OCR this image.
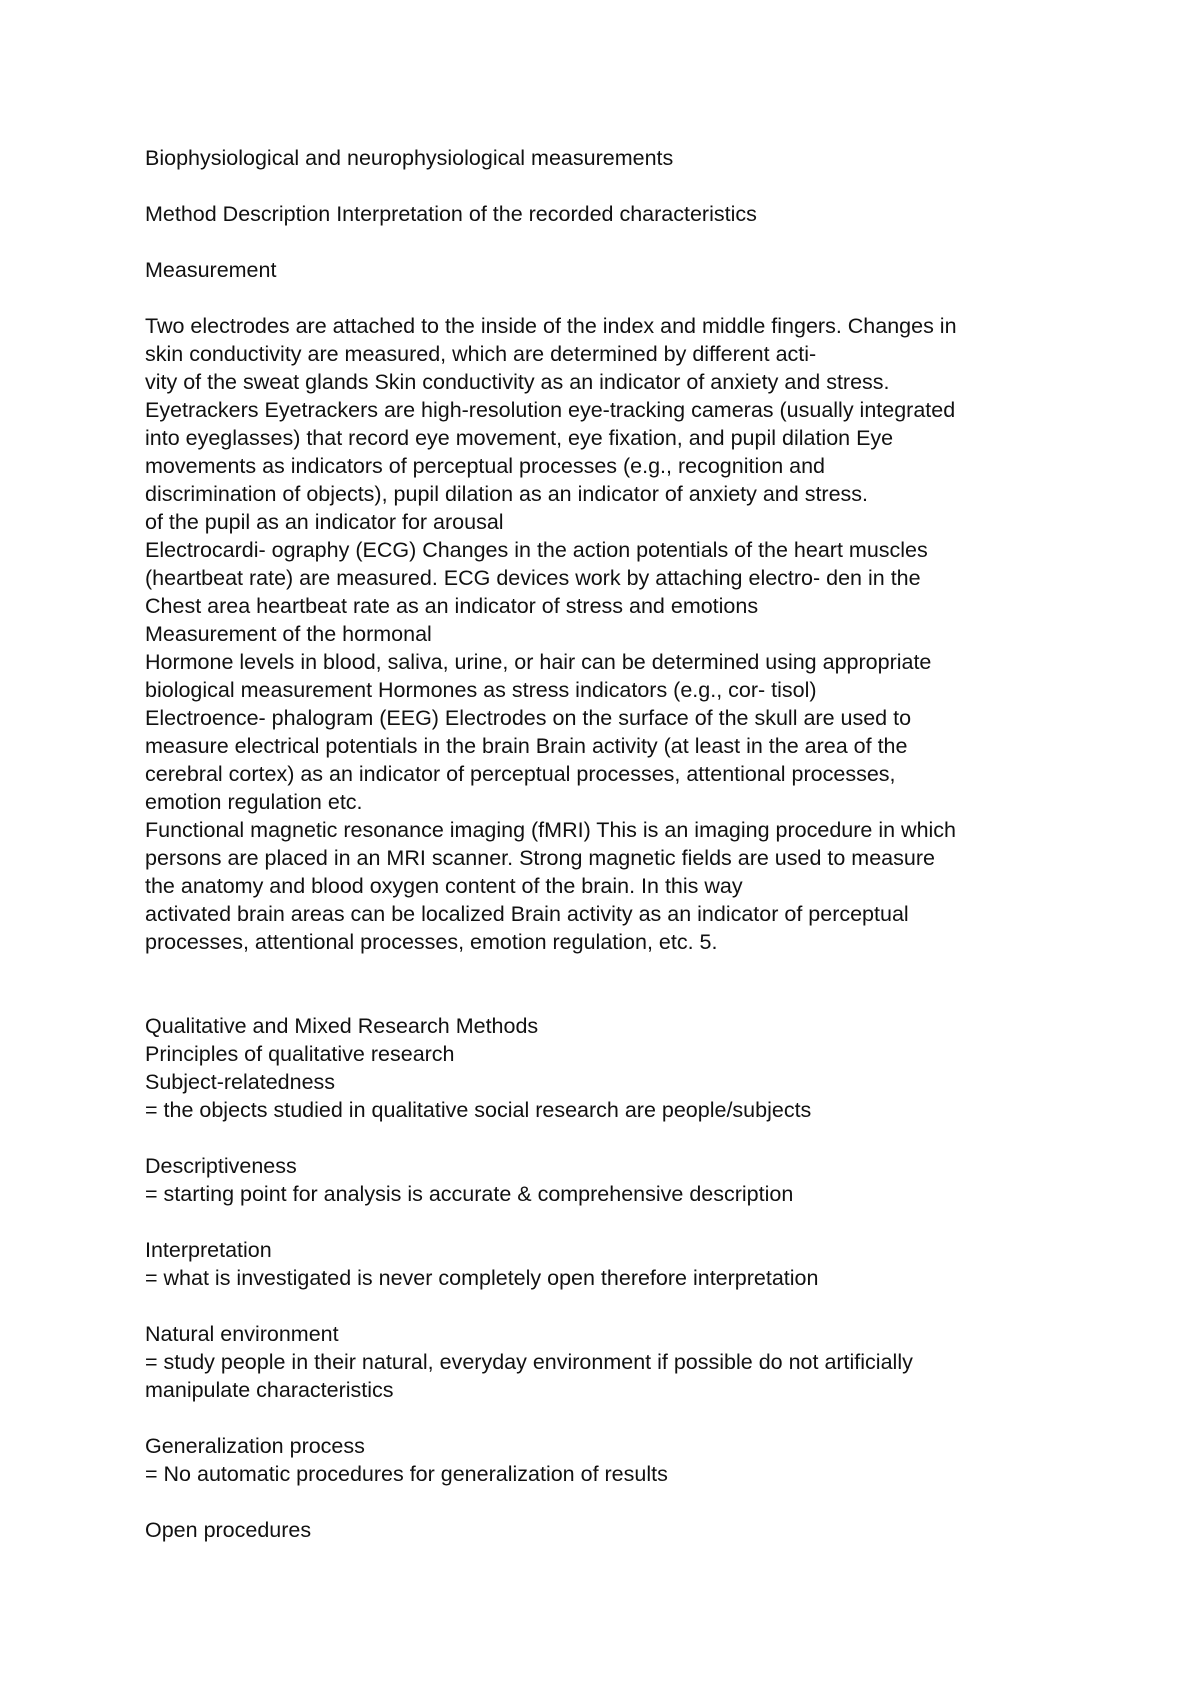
Biophysiological and neurophysiological measurements
Method Description Interpretation of the recorded characteristics
Measurement
Two electrodes are attached to the inside of the index and middle fingers. Changes in
skin conductivity are measured, which are determined by different acti-
vity of the sweat glands Skin conductivity as an indicator of anxiety and stress.
Eyetrackers Eyetrackers are high-resolution eye-tracking cameras (usually integrated
into eyeglasses) that record eye movement, eye fixation, and pupil dilation Eye
movements as indicators of perceptual processes (e.g., recognition and
discrimination of objects), pupil dilation as an indicator of anxiety and stress.
of the pupil as an indicator for arousal
Electrocardi- ography (ECG) Changes in the action potentials of the heart muscles
(heartbeat rate) are measured. ECG devices work by attaching electro- den in the
Chest area heartbeat rate as an indicator of stress and emotions
Measurement of the hormonal
Hormone levels in blood, saliva, urine, or hair can be determined using appropriate
biological measurement Hormones as stress indicators (e.g., cor- tisol)
Electroence- phalogram (EEG) Electrodes on the surface of the skull are used to
measure electrical potentials in the brain Brain activity (at least in the area of the
cerebral cortex) as an indicator of perceptual processes, attentional processes,
emotion regulation etc.
Functional magnetic resonance imaging (fMRI) This is an imaging procedure in which
persons are placed in an MRI scanner. Strong magnetic fields are used to measure
the anatomy and blood oxygen content of the brain. In this way
activated brain areas can be localized Brain activity as an indicator of perceptual
processes, attentional processes, emotion regulation, etc. 5.
Qualitative and Mixed Research Methods
Principles of qualitative research
Subject-relatedness
= the objects studied in qualitative social research are people/subjects
Descriptiveness
= starting point for analysis is accurate & comprehensive description
Interpretation
= what is investigated is never completely open therefore interpretation
Natural environment
= study people in their natural, everyday environment if possible do not artificially
manipulate characteristics
Generalization process
= No automatic procedures for generalization of results
Open procedures
